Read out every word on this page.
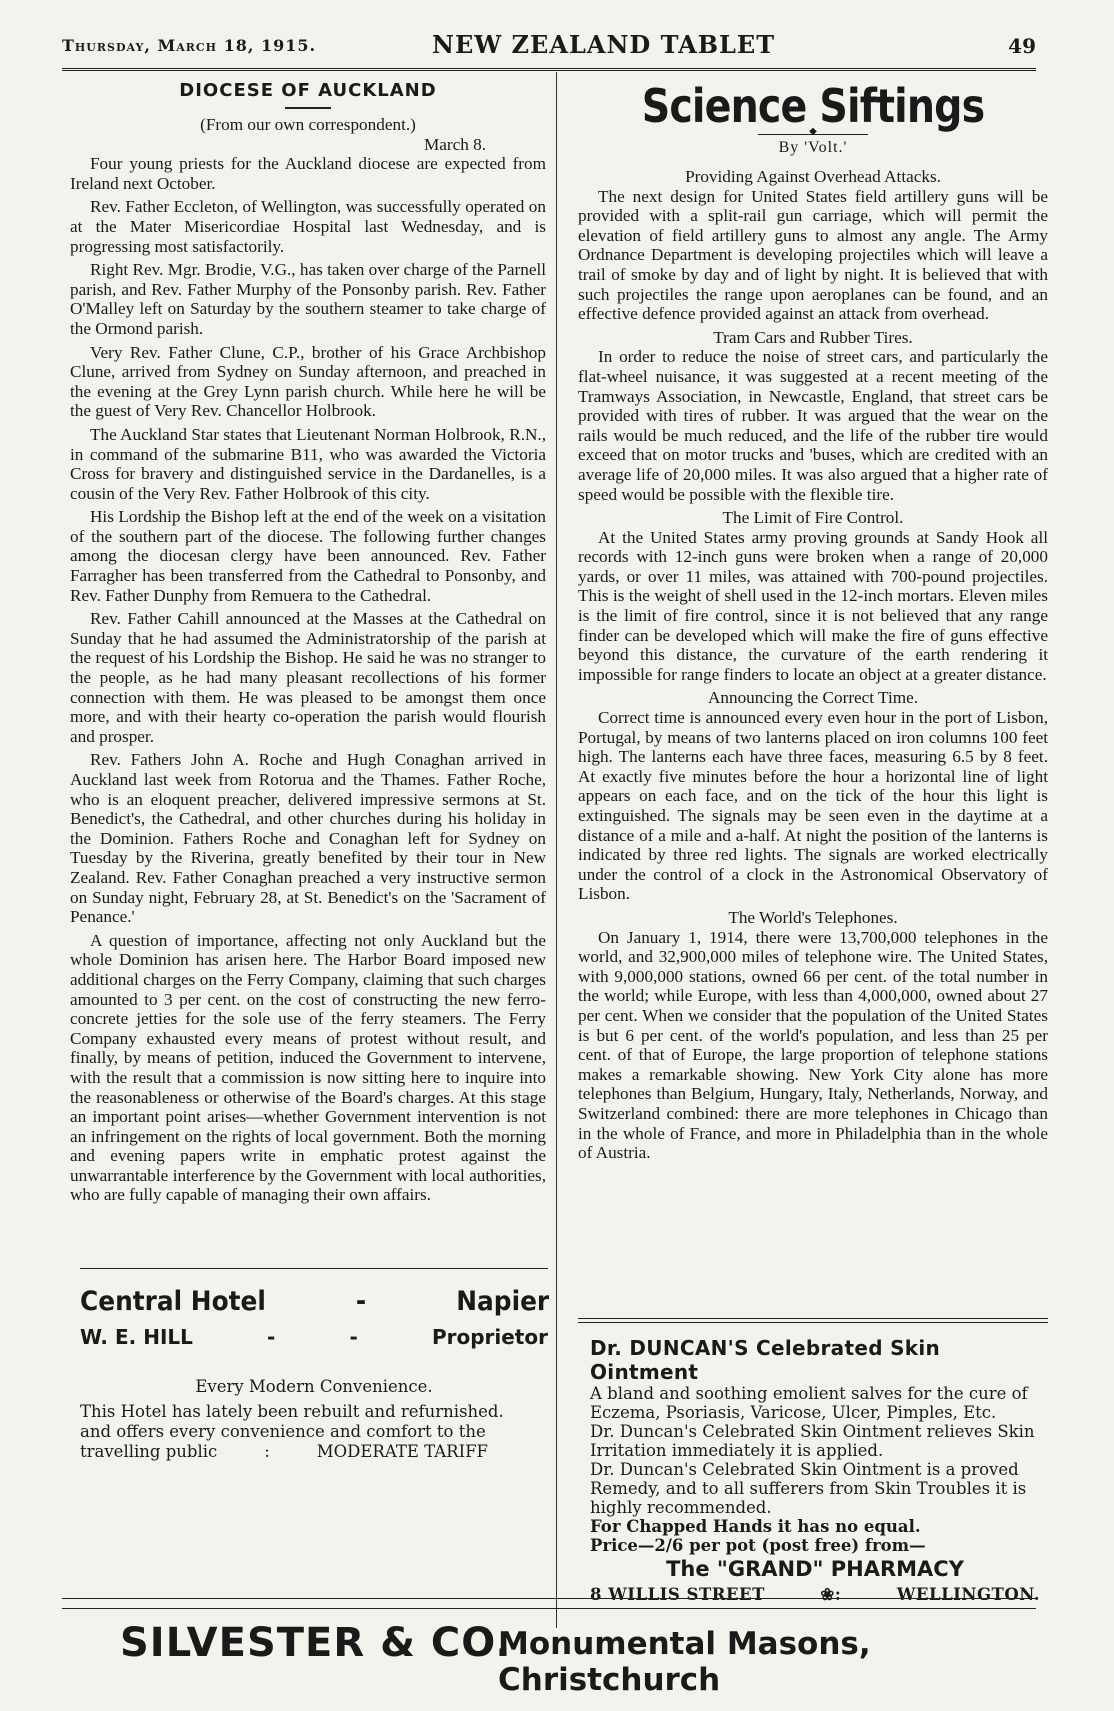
Thursday, March 18, 1915.	NEW ZEALAND TABLET	49
DIOCESE OF AUCKLAND
(From our own correspondent.)
March 8.

Four young priests for the Auckland diocese are expected from Ireland next October.

Rev. Father Eccleton, of Wellington, was successfully operated on at the Mater Misericordiae Hospital last Wednesday, and is progressing most satisfactorily.

Right Rev. Mgr. Brodie, V.G., has taken over charge of the Parnell parish, and Rev. Father Murphy of the Ponsonby parish. Rev. Father O'Malley left on Saturday by the southern steamer to take charge of the Ormond parish.

Very Rev. Father Clune, C.P., brother of his Grace Archbishop Clune, arrived from Sydney on Sunday afternoon, and preached in the evening at the Grey Lynn parish church. While here he will be the guest of Very Rev. Chancellor Holbrook.

The Auckland Star states that Lieutenant Norman Holbrook, R.N., in command of the submarine B11, who was awarded the Victoria Cross for bravery and distinguished service in the Dardanelles, is a cousin of the Very Rev. Father Holbrook of this city.

His Lordship the Bishop left at the end of the week on a visitation of the southern part of the diocese. The following further changes among the diocesan clergy have been announced. Rev. Father Farragher has been transferred from the Cathedral to Ponsonby, and Rev. Father Dunphy from Remuera to the Cathedral.

Rev. Father Cahill announced at the Masses at the Cathedral on Sunday that he had assumed the Administratorship of the parish at the request of his Lordship the Bishop. He said he was no stranger to the people, as he had many pleasant recollections of his former connection with them. He was pleased to be amongst them once more, and with their hearty co-operation the parish would flourish and prosper.

Rev. Fathers John A. Roche and Hugh Conaghan arrived in Auckland last week from Rotorua and the Thames. Father Roche, who is an eloquent preacher, delivered impressive sermons at St. Benedict's, the Cathedral, and other churches during his holiday in the Dominion. Fathers Roche and Conaghan left for Sydney on Tuesday by the Riverina, greatly benefited by their tour in New Zealand. Rev. Father Conaghan preached a very instructive sermon on Sunday night, February 28, at St. Benedict's on the 'Sacrament of Penance.'

A question of importance, affecting not only Auckland but the whole Dominion has arisen here. The Harbor Board imposed new additional charges on the Ferry Company, claiming that such charges amounted to 3 per cent. on the cost of constructing the new ferro-concrete jetties for the sole use of the ferry steamers. The Ferry Company exhausted every means of protest without result, and finally, by means of petition, induced the Government to intervene, with the result that a commission is now sitting here to inquire into the reasonableness or otherwise of the Board's charges. At this stage an important point arises—whether Government intervention is not an infringement on the rights of local government. Both the morning and evening papers write in emphatic protest against the unwarrantable interference by the Government with local authorities, who are fully capable of managing their own affairs.

Central Hotel	-	Napier
W. E. HILL	-	-	Proprietor
Every Modern Convenience.
This Hotel has lately been rebuilt and refurnished.
and offers every convenience and comfort to the
travelling public	:	MODERATE TARIFF
Science Siftings
◆
By 'Volt.'
Providing Against Overhead Attacks.

The next design for United States field artillery guns will be provided with a split-rail gun carriage, which will permit the elevation of field artillery guns to almost any angle. The Army Ordnance Department is developing projectiles which will leave a trail of smoke by day and of light by night. It is believed that with such projectiles the range upon aeroplanes can be found, and an effective defence provided against an attack from overhead.

Tram Cars and Rubber Tires.

In order to reduce the noise of street cars, and particularly the flat-wheel nuisance, it was suggested at a recent meeting of the Tramways Association, in Newcastle, England, that street cars be provided with tires of rubber. It was argued that the wear on the rails would be much reduced, and the life of the rubber tire would exceed that on motor trucks and 'buses, which are credited with an average life of 20,000 miles. It was also argued that a higher rate of speed would be possible with the flexible tire.

The Limit of Fire Control.

At the United States army proving grounds at Sandy Hook all records with 12-inch guns were broken when a range of 20,000 yards, or over 11 miles, was attained with 700-pound projectiles. This is the weight of shell used in the 12-inch mortars. Eleven miles is the limit of fire control, since it is not believed that any range finder can be developed which will make the fire of guns effective beyond this distance, the curvature of the earth rendering it impossible for range finders to locate an object at a greater distance.

Announcing the Correct Time.

Correct time is announced every even hour in the port of Lisbon, Portugal, by means of two lanterns placed on iron columns 100 feet high. The lanterns each have three faces, measuring 6.5 by 8 feet. At exactly five minutes before the hour a horizontal line of light appears on each face, and on the tick of the hour this light is extinguished. The signals may be seen even in the daytime at a distance of a mile and a-half. At night the position of the lanterns is indicated by three red lights. The signals are worked electrically under the control of a clock in the Astronomical Observatory of Lisbon.

The World's Telephones.

On January 1, 1914, there were 13,700,000 telephones in the world, and 32,900,000 miles of telephone wire. The United States, with 9,000,000 stations, owned 66 per cent. of the total number in the world; while Europe, with less than 4,000,000, owned about 27 per cent. When we consider that the population of the United States is but 6 per cent. of the world's population, and less than 25 per cent. of that of Europe, the large proportion of telephone stations makes a remarkable showing. New York City alone has more telephones than Belgium, Hungary, Italy, Netherlands, Norway, and Switzerland combined: there are more telephones in Chicago than in the whole of France, and more in Philadelphia than in the whole of Austria.

Dr. DUNCAN'S Celebrated Skin Ointment
A bland and soothing emolient salves for the cure of
Eczema, Psoriasis, Varicose, Ulcer, Pimples, Etc.
Dr. Duncan's Celebrated Skin Ointment relieves Skin
Irritation immediately it is applied.
Dr. Duncan's Celebrated Skin Ointment is a proved
Remedy, and to all sufferers from Skin Troubles it is
highly recommended.
For Chapped Hands it has no equal.
Price—2/6 per pot (post free) from—
The "GRAND" PHARMACY
8 WILLIS STREET	❀:	WELLINGTON.
SILVESTER & CO.
Monumental Masons, Christchurch
